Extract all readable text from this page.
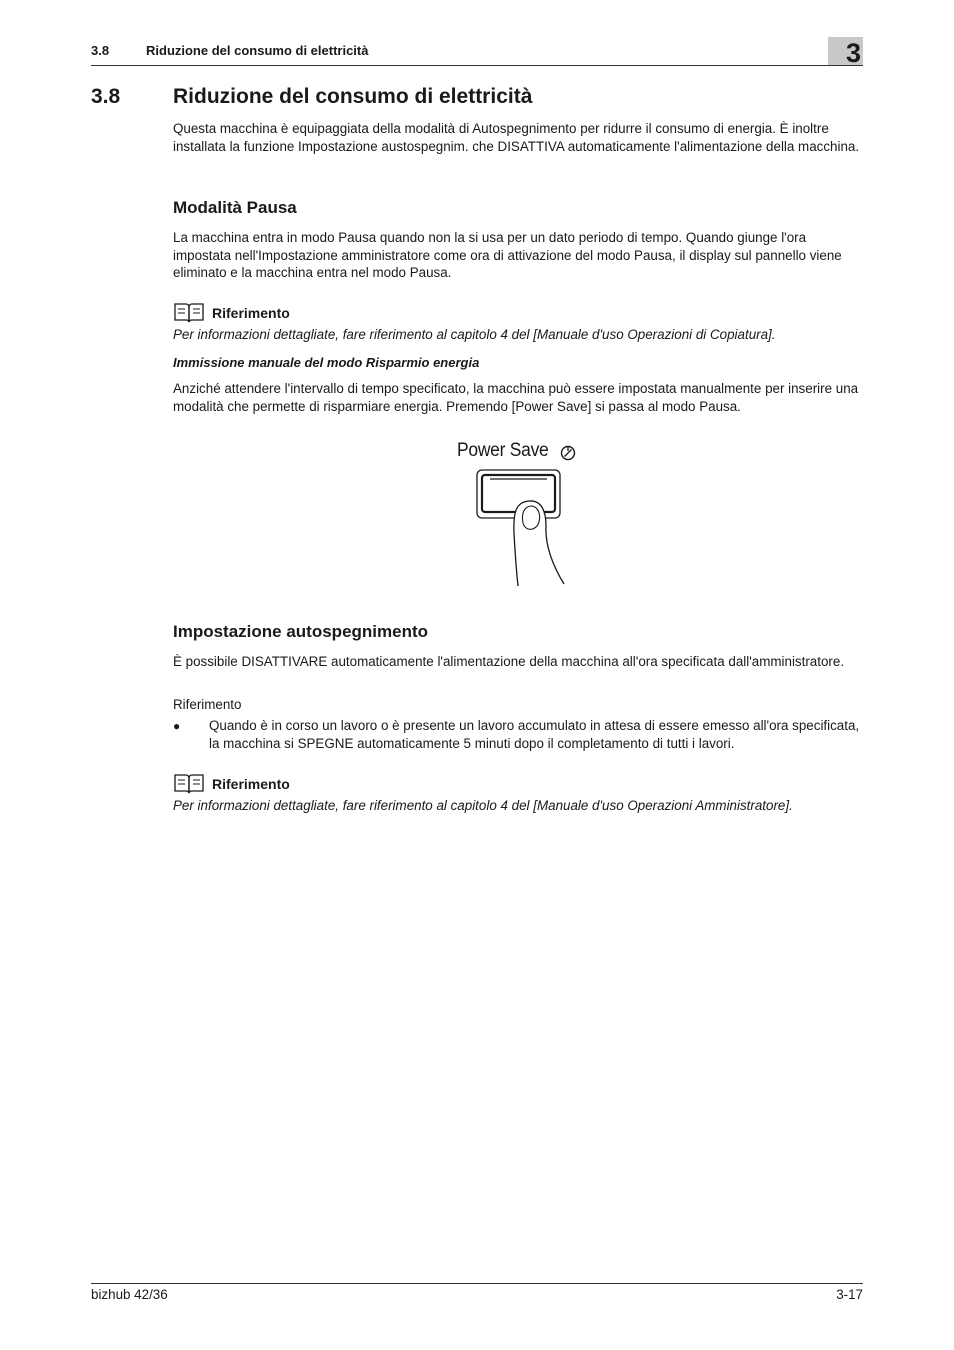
3.8	Riduzione del consumo di elettricità	3
3.8	Riduzione del consumo di elettricità

Questa macchina è equipaggiata della modalità di Autospegnimento per ridurre il consumo di energia. È inoltre installata la funzione Impostazione austospegnim. che DISATTIVA automaticamente l'alimentazione della macchina.

Modalità Pausa

La macchina entra in modo Pausa quando non la si usa per un dato periodo di tempo. Quando giunge l'ora impostata nell'Impostazione amministratore come ora di attivazione del modo Pausa, il display sul pannello viene eliminato e la macchina entra nel modo Pausa.

Riferimento

Per informazioni dettagliate, fare riferimento al capitolo 4 del [Manuale d'uso Operazioni di Copiatura].

Immissione manuale del modo Risparmio energia

Anziché attendere l'intervallo di tempo specificato, la macchina può essere impostata manualmente per inserire una modalità che permette di risparmiare energia. Premendo [Power Save] si passa al modo Pausa.

Power Save
Impostazione autospegnimento

È possibile DISATTIVARE automaticamente l'alimentazione della macchina all'ora specificata dall'amministratore.

Riferimento

● Quando è in corso un lavoro o è presente un lavoro accumulato in attesa di essere emesso all'ora specificata, la macchina si SPEGNE automaticamente 5 minuti dopo il completamento di tutti i lavori.

Riferimento

Per informazioni dettagliate, fare riferimento al capitolo 4 del [Manuale d'uso Operazioni Amministratore].

bizhub 42/36	3-17
